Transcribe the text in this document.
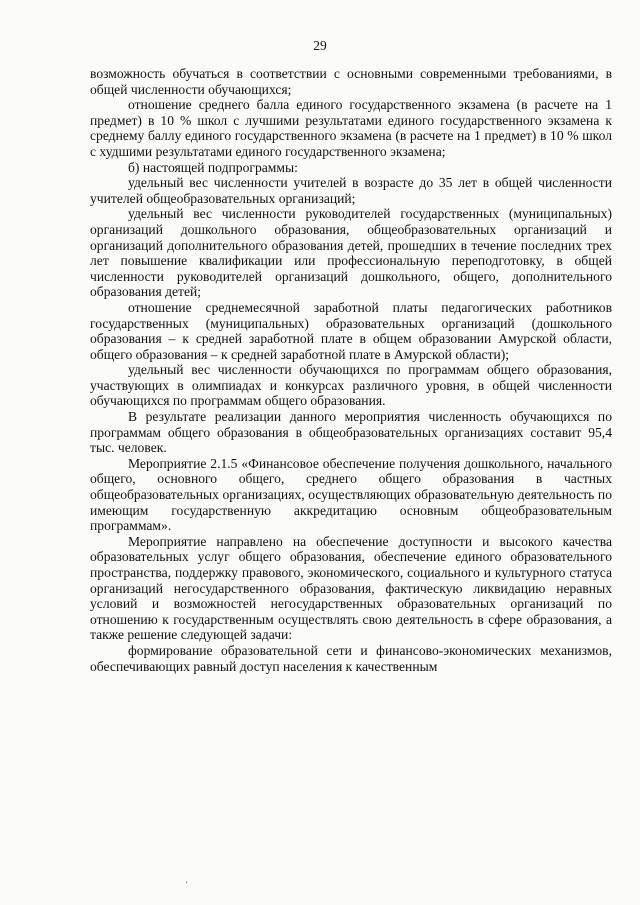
29

возможность обучаться в соответствии с основными современными требованиями, в общей численности обучающихся;

отношение среднего балла единого государственного экзамена (в расчете на 1 предмет) в 10 % школ с лучшими результатами единого государственного экзамена к среднему баллу единого государственного экзамена (в расчете на 1 предмет) в 10 % школ с худшими результатами единого государственного экзамена;

б) настоящей подпрограммы:

удельный вес численности учителей в возрасте до 35 лет в общей численности учителей общеобразовательных организаций;

удельный вес численности руководителей государственных (муниципальных) организаций дошкольного образования, общеобразовательных организаций и организаций дополнительного образования детей, прошедших в течение последних трех лет повышение квалификации или профессиональную переподготовку, в общей численности руководителей организаций дошкольного, общего, дополнительного образования детей;

отношение среднемесячной заработной платы педагогических работников государственных (муниципальных) образовательных организаций (дошкольного образования – к средней заработной плате в общем образовании Амурской области, общего образования – к средней заработной плате в Амурской области);

удельный вес численности обучающихся по программам общего образования, участвующих в олимпиадах и конкурсах различного уровня, в общей численности обучающихся по программам общего образования.

В результате реализации данного мероприятия численность обучающихся по программам общего образования в общеобразовательных организациях составит 95,4 тыс. человек.

Мероприятие 2.1.5 «Финансовое обеспечение получения дошкольного, начального общего, основного общего, среднего общего образования в частных общеобразовательных организациях, осуществляющих образовательную деятельность по имеющим государственную аккредитацию основным общеобразовательным программам».

Мероприятие направлено на обеспечение доступности и высокого качества образовательных услуг общего образования, обеспечение единого образовательного пространства, поддержку правового, экономического, социального и культурного статуса организаций негосударственного образования, фактическую ликвидацию неравных условий и возможностей негосударственных образовательных организаций по отношению к государственным осуществлять свою деятельность в сфере образования, а также решение следующей задачи:

формирование образовательной сети и финансово-экономических механизмов, обеспечивающих равный доступ населения к качественным

'
